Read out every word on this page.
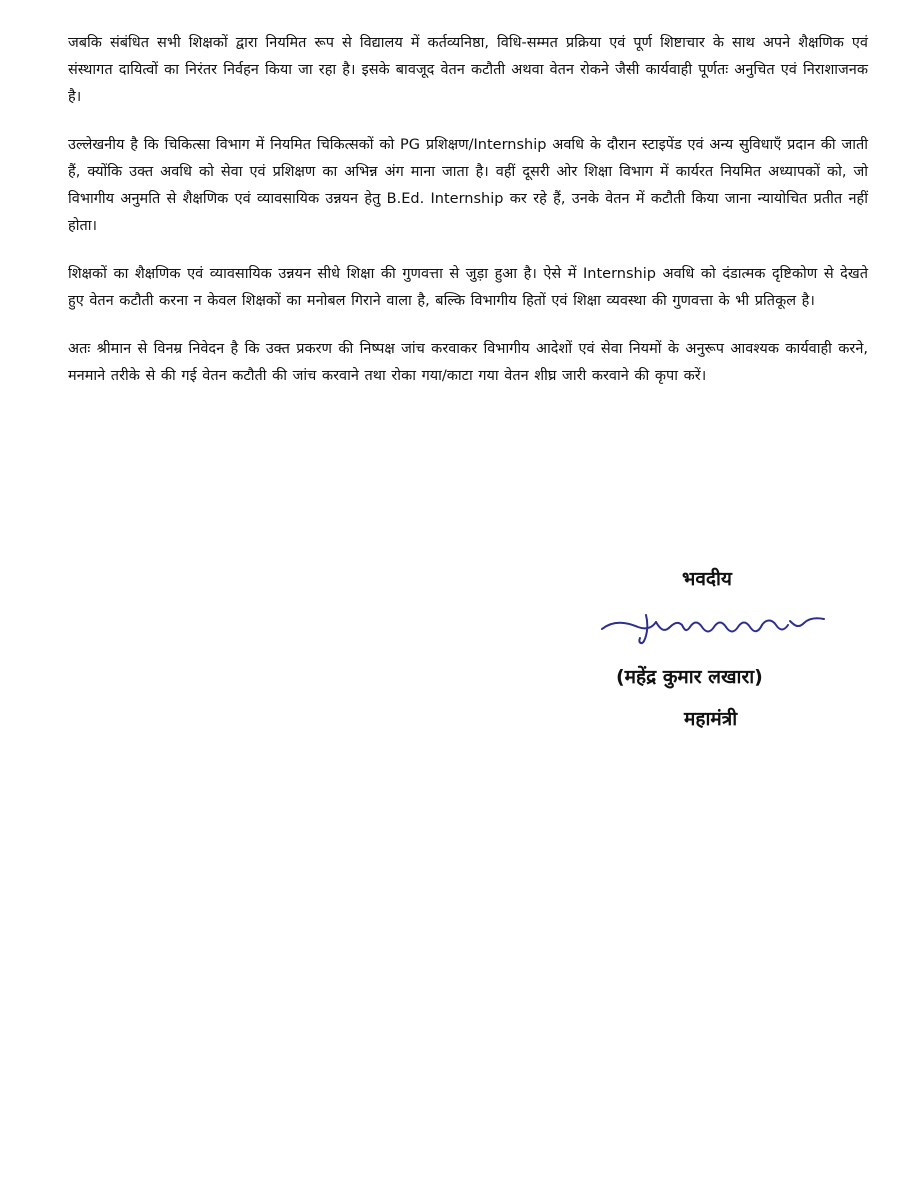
जबकि संबंधित सभी शिक्षकों द्वारा नियमित रूप से विद्यालय में कर्तव्यनिष्ठा, विधि-सम्मत प्रक्रिया एवं पूर्ण शिष्टाचार के साथ अपने शैक्षणिक एवं संस्थागत दायित्वों का निरंतर निर्वहन किया जा रहा है। इसके बावजूद वेतन कटौती अथवा वेतन रोकने जैसी कार्यवाही पूर्णतः अनुचित एवं निराशाजनक है।

उल्लेखनीय है कि चिकित्सा विभाग में नियमित चिकित्सकों को PG प्रशिक्षण/Internship अवधि के दौरान स्टाइपेंड एवं अन्य सुविधाएँ प्रदान की जाती हैं, क्योंकि उक्त अवधि को सेवा एवं प्रशिक्षण का अभिन्न अंग माना जाता है। वहीं दूसरी ओर शिक्षा विभाग में कार्यरत नियमित अध्यापकों को, जो विभागीय अनुमति से शैक्षणिक एवं व्यावसायिक उन्नयन हेतु B.Ed. Internship कर रहे हैं, उनके वेतन में कटौती किया जाना न्यायोचित प्रतीत नहीं होता।

शिक्षकों का शैक्षणिक एवं व्यावसायिक उन्नयन सीधे शिक्षा की गुणवत्ता से जुड़ा हुआ है। ऐसे में Internship अवधि को दंडात्मक दृष्टिकोण से देखते हुए वेतन कटौती करना न केवल शिक्षकों का मनोबल गिराने वाला है, बल्कि विभागीय हितों एवं शिक्षा व्यवस्था की गुणवत्ता के भी प्रतिकूल है।

अतः श्रीमान से विनम्र निवेदन है कि उक्त प्रकरण की निष्पक्ष जांच करवाकर विभागीय आदेशों एवं सेवा नियमों के अनुरूप आवश्यक कार्यवाही करने, मनमाने तरीके से की गई वेतन कटौती की जांच करवाने तथा रोका गया/काटा गया वेतन शीघ्र जारी करवाने की कृपा करें।

भवदीय
(महेंद्र कुमार लखारा)
महामंत्री
